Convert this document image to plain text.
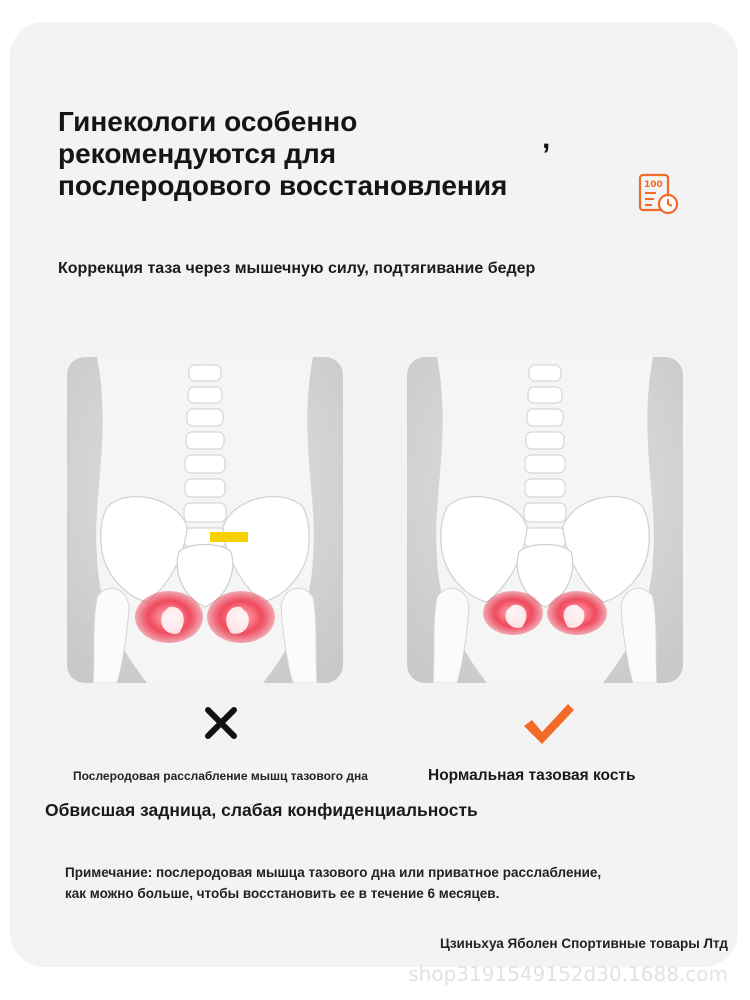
Гинекологи особенно
рекомендуются для
послеродового восстановления
,
100
Коррекция таза через мышечную силу, подтягивание бедер
Послеродовая расслабление мышц тазового дна	Нормальная тазовая кость
Обвисшая задница, слабая конфиденциальность
Примечание: послеродовая мышца тазового дна или приватное расслабление,
как можно больше, чтобы восстановить ее в течение 6 месяцев.
Цзиньхуа Яболен Спортивные товары Лтд
shop3191549152d30.1688.com
